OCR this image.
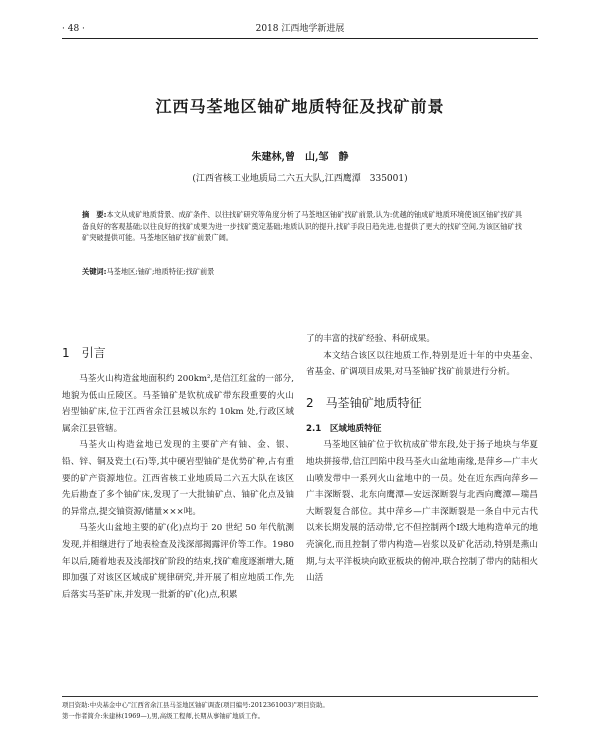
· 48 ·	2018 江西地学新进展
江西马荃地区铀矿地质特征及找矿前景
朱建林,曾　山,邹　静
(江西省核工业地质局二六五大队,江西鹰潭　335001)
摘　要:本文从成矿地质背景、成矿条件、以往找矿研究等角度分析了马荃地区铀矿找矿前景,认为:优越的铀成矿地质环境使该区铀矿找矿具备良好的客观基础;以往良好的找矿成果为进一步找矿奠定基础;地质认识的提升,找矿手段日趋先进,也提供了更大的找矿空间,为该区铀矿找矿突破提供可能。马荃地区铀矿找矿前景广阔。
关键词:马荃地区;铀矿;地质特征;找矿前景
1　引言

马荃火山构造盆地面积约 200km²,是信江红盆的一部分,地貌为低山丘陵区。马荃铀矿是钦杭成矿带东段重要的火山岩型铀矿床,位于江西省余江县城以东约 10km 处,行政区域属余江县管辖。

马荃火山构造盆地已发现的主要矿产有铀、金、银、铅、锌、铜及瓷土(石)等,其中硬岩型铀矿是优势矿种,占有重要的矿产资源地位。江西省核工业地质局二六五大队在该区先后勘查了多个铀矿床,发现了一大批铀矿点、铀矿化点及铀的异常点,提交铀资源/储量×××吨。

马荃火山盆地主要的矿(化)点均于 20 世纪 50 年代航测发现,并相继进行了地表检查及浅深部揭露评价等工作。1980 年以后,随着地表及浅部找矿阶段的结束,找矿难度逐渐增大,随即加强了对该区区域成矿规律研究,并开展了相应地质工作,先后落实马荃矿床,并发现一批新的矿(化)点,积累

了的丰富的找矿经验、科研成果。

本文结合该区以往地质工作,特别是近十年的中央基金、省基金、矿调项目成果,对马荃铀矿找矿前景进行分析。

2　马荃铀矿地质特征
2.1　区域地质特征

马荃地区铀矿位于钦杭成矿带东段,处于扬子地块与华夏地块拼接带,信江凹陷中段马荃火山盆地南缘,是萍乡—广丰火山喷发带中一系列火山盆地中的一员。处在近东西向萍乡—广丰深断裂、北东向鹰潭—安远深断裂与北西向鹰潭—瑞昌大断裂复合部位。其中萍乡—广丰深断裂是一条自中元古代以来长期发展的活动带,它不但控制两个Ⅰ级大地构造单元的地壳演化,而且控制了带内构造—岩浆以及矿化活动,特别是燕山期,与太平洋板块向欧亚板块的俯冲,联合控制了带内的陆相火山活

项目资助:中央基金中心"江西省余江县马荃地区铀矿调查(项目编号:2012361003)"项目资助。
第一作者简介:朱建林(1969—),男,高级工程师,长期从事铀矿地质工作。
